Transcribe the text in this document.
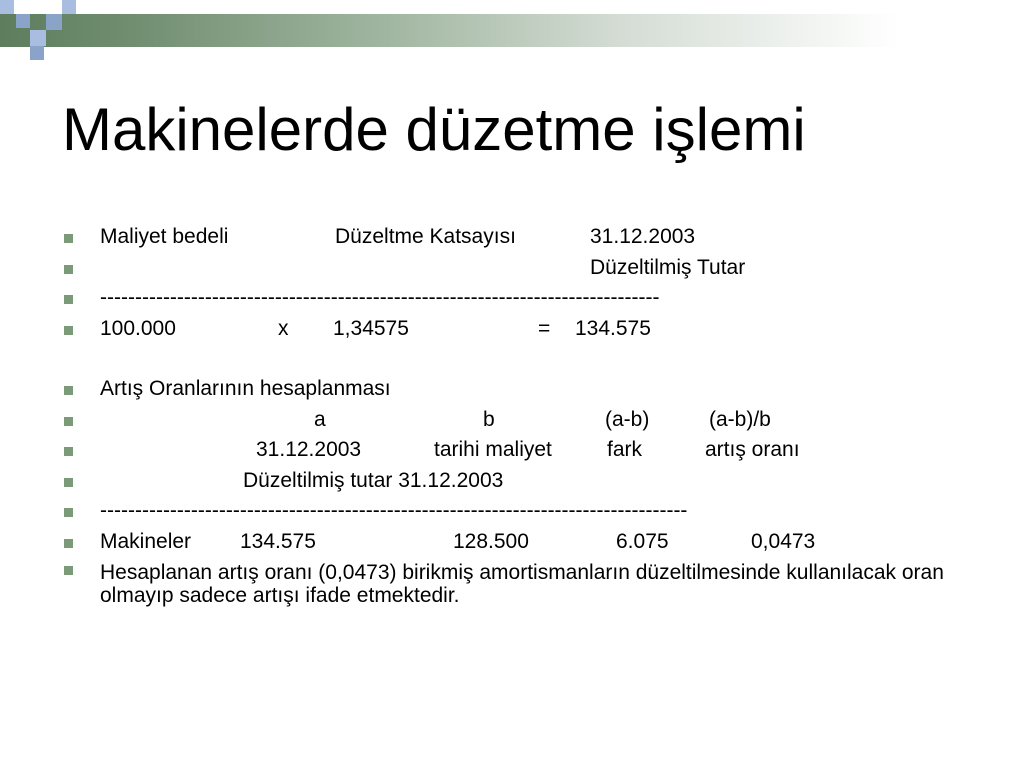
Makinelerde düzetme işlemi
Maliyet bedeli	Düzeltme Katsayısı	31.12.2003
Düzeltilmiş Tutar
--------------------------------------------------------------------------------
100.000	x 1,34575	= 134.575
Artış Oranlarının hesaplanması
a	b	(a-b)	(a-b)/b
31.12.2003	tarihi maliyet	fark	artış oranı
Düzeltilmiş tutar 31.12.2003
------------------------------------------------------------------------------------
Makineler 134.575	128.500	6.075	0,0473
Hesaplanan artış oranı (0,0473) birikmiş amortismanların düzeltilmesinde kullanılacak oran olmayıp sadece artışı ifade etmektedir.
